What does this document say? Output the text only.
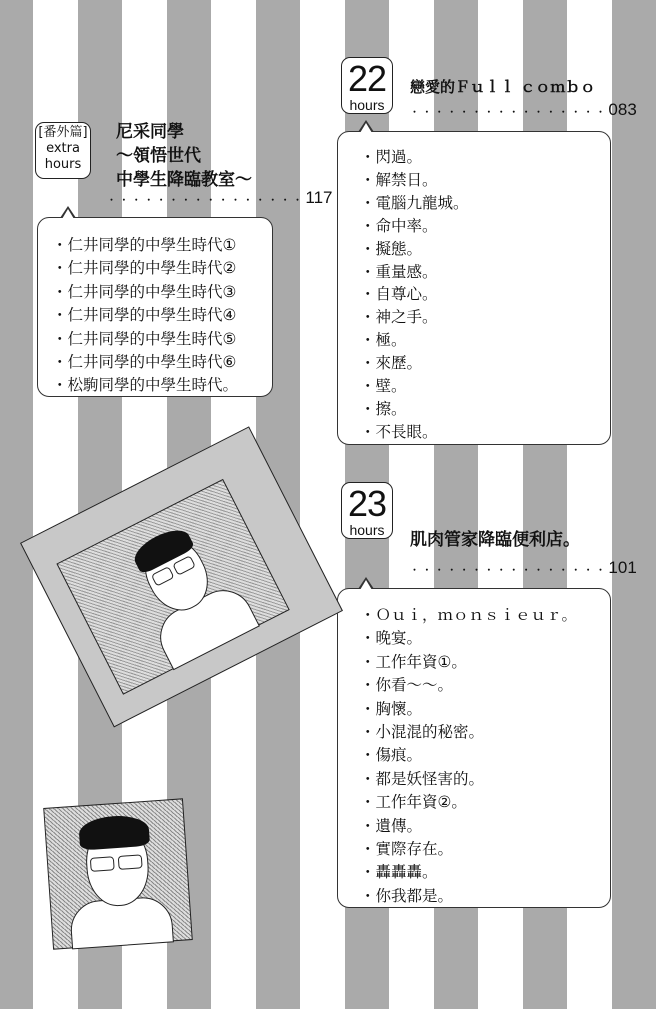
[番外篇]
extra
hours
尼采同學
～領悟世代
中學生降臨教室～
・・・・・・・・・・・・・・・・117
・ 仁井同學的中學生時代①
・ 仁井同學的中學生時代②
・ 仁井同學的中學生時代③
・ 仁井同學的中學生時代④
・ 仁井同學的中學生時代⑤
・ 仁井同學的中學生時代⑥
・ 松駒同學的中學生時代。
22
hours
戀愛的Ｆｕｌｌ ｃｏｍｂｏ
・・・・・・・・・・・・・・・・083
・ 閃過。
・ 解禁日。
・ 電腦九龍城。
・ 命中率。
・ 擬態。
・ 重量感。
・ 自尊心。
・ 神之手。
・ 極。
・ 來歷。
・ 壁。
・ 擦。
・ 不長眼。
23
hours	肌肉管家降臨便利店。
・・・・・・・・・・・・・・・・101
・ Ｏｕｉ，ｍｏｎｓｉｅｕｒ。
・ 晚宴。
・ 工作年資①。
・ 你看～～。
・ 胸懷。
・ 小混混的秘密。
・ 傷痕。
・ 都是妖怪害的。
・ 工作年資②。
・ 遺傳。
・ 實際存在。
・ 轟轟轟。
・ 你我都是。
